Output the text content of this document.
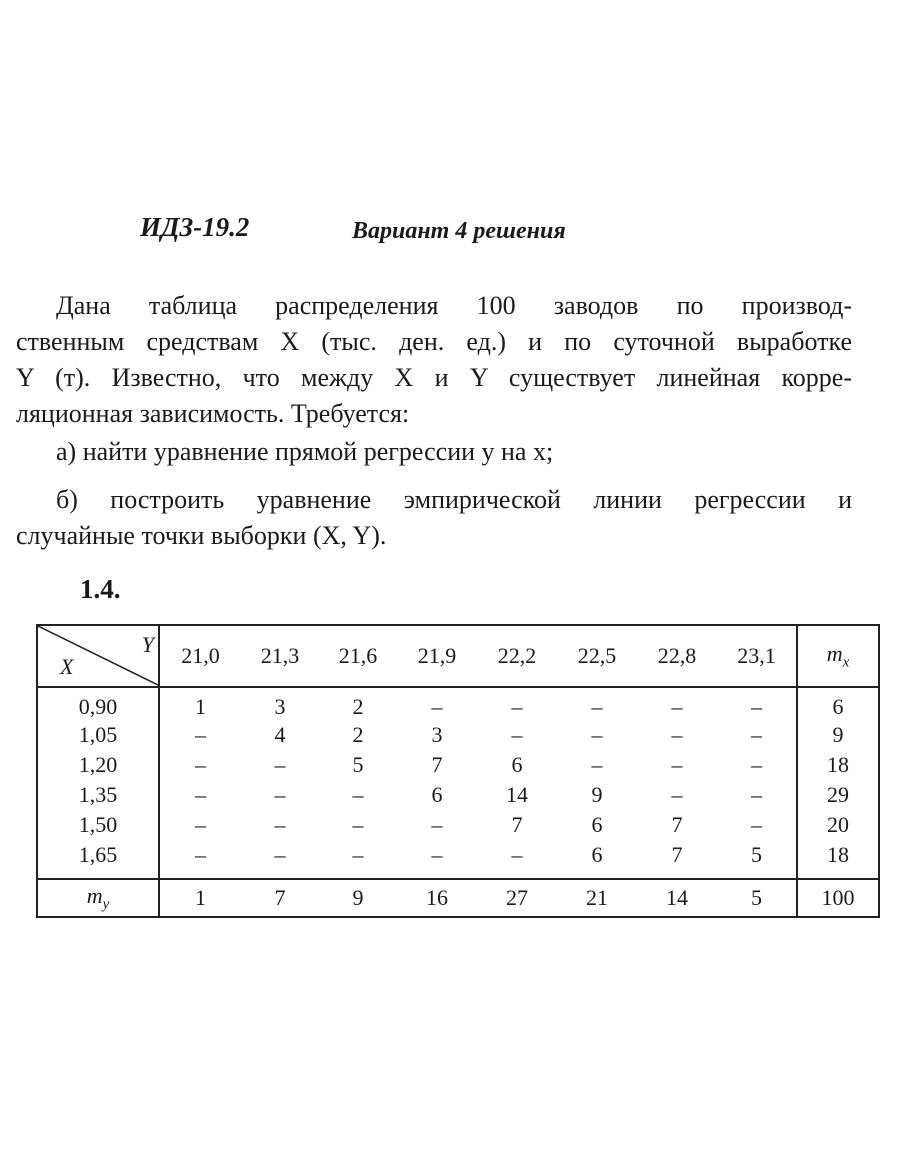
ИДЗ-19.2	Вариант 4 решения
Дана таблица распределения 100 заводов по производ-
ственным средствам X (тыс. ден. ед.) и по суточной выработке
Y (т). Известно, что между X и Y существует линейная корре-
ляционная зависимость. Требуется:
а) найти уравнение прямой регрессии y на x;
б) построить уравнение эмпирической линии регрессии и
случайные точки выборки (X, Y).
1.4.
Y
X	21,0	21,3	21,6	21,9	22,2	22,5	22,8	23,1	$m_x$
0,90	1	3	2	–	–	–	–	–	6
1,05	–	4	2	3	–	–	–	–	9
1,20	–	–	5	7	6	–	–	–	18
1,35	–	–	–	6	14	9	–	–	29
1,50	–	–	–	–	7	6	7	–	20
1,65	–	–	–	–	–	6	7	5	18
$m_y$	1	7	9	16	27	21	14	5	100
